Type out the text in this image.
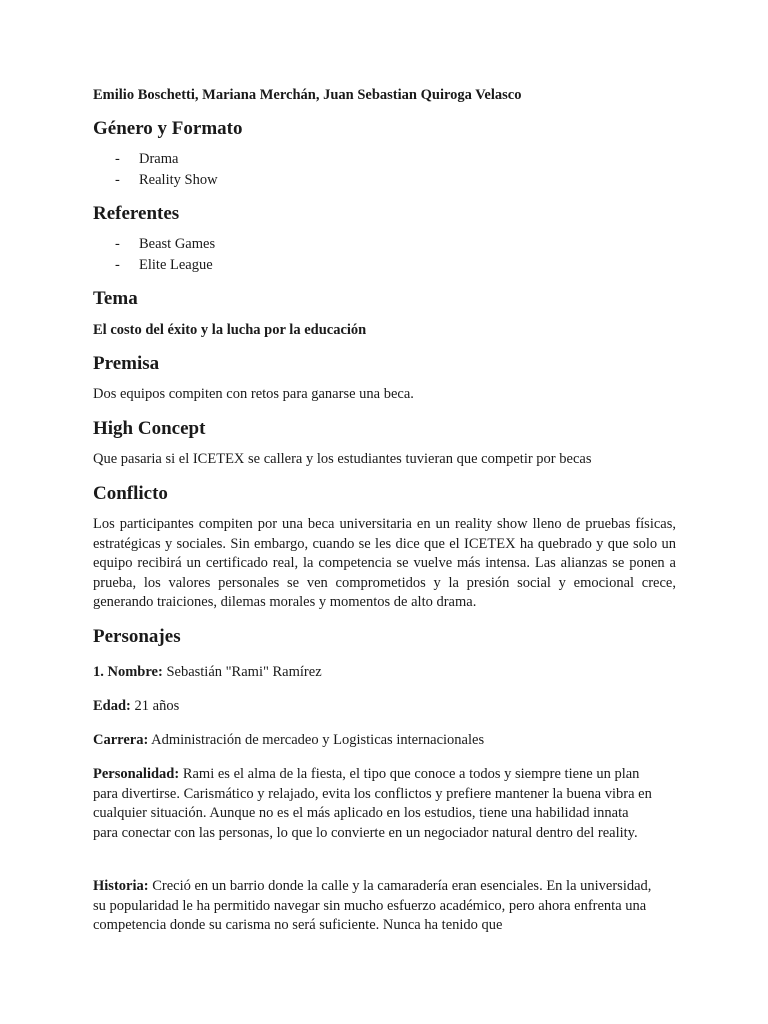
Emilio Boschetti, Mariana Merchán, Juan Sebastian Quiroga Velasco
Género y Formato
- Drama
- Reality Show
Referentes
- Beast Games
- Elite League
Tema
El costo del éxito y la lucha por la educación
Premisa

Dos equipos compiten con retos para ganarse una beca.

High Concept

Que pasaria si el ICETEX se callera y los estudiantes tuvieran que competir por becas

Conflicto

Los participantes compiten por una beca universitaria en un reality show lleno de pruebas físicas, estratégicas y sociales. Sin embargo, cuando se les dice que el ICETEX ha quebrado y que solo un equipo recibirá un certificado real, la competencia se vuelve más intensa. Las alianzas se ponen a prueba, los valores personales se ven comprometidos y la presión social y emocional crece, generando traiciones, dilemas morales y momentos de alto drama.

Personajes
1. Nombre: Sebastián "Rami" Ramírez
Edad: 21 años
Carrera: Administración de mercadeo y Logisticas internacionales
Personalidad: Rami es el alma de la fiesta, el tipo que conoce a todos y siempre tiene un plan para divertirse. Carismático y relajado, evita los conflictos y prefiere mantener la buena vibra en cualquier situación. Aunque no es el más aplicado en los estudios, tiene una habilidad innata para conectar con las personas, lo que lo convierte en un negociador natural dentro del reality.
Historia: Creció en un barrio donde la calle y la camaradería eran esenciales. En la universidad, su popularidad le ha permitido navegar sin mucho esfuerzo académico, pero ahora enfrenta una competencia donde su carisma no será suficiente. Nunca ha tenido que
